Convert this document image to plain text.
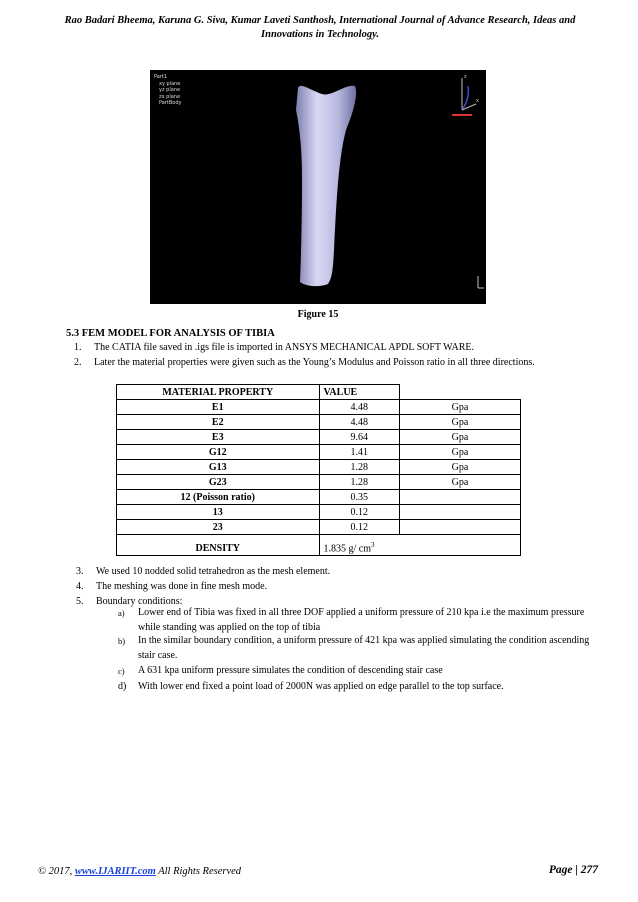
Rao Badari Bheema, Karuna G. Siva, Kumar Laveti Santhosh, International Journal of Advance Research, Ideas and
Innovations in Technology.
Part1
xy plane
yz plane
zx plane
PartBody
z
x
Figure 15
5.3 FEM MODEL FOR ANALYSIS OF TIBIA
1. The CATIA file saved in .igs file is imported in ANSYS MECHANICAL APDL SOFT WARE.
2. Later the material properties were given such as the Young’s Modulus and Poisson ratio in all three directions.
MATERIAL PROPERTY	VALUE	
E1	4.48	Gpa
E2	4.48	Gpa
E3	9.64	Gpa
G12	1.41	Gpa
G13	1.28	Gpa
G23	1.28	Gpa
12 (Poisson ratio)	0.35	
13	0.12	
23	0.12	
DENSITY	1.835 g/ $cm^3$
3. We used 10 nodded solid tetrahedron as the mesh element.
4. The meshing was done in fine mesh mode.
5. Boundary conditions:
a) Lower end of Tibia was fixed in all three DOF applied a uniform pressure of 210 kpa i.e the maximum pressure while standing was applied on the top of tibia
b) In the similar boundary condition, a uniform pressure of 421 kpa was applied simulating the condition ascending stair case.
c) A 631 kpa uniform pressure simulates the condition of descending stair case
d) With lower end fixed a point load of 2000N was applied on edge parallel to the top surface.
© 2017, www.IJARIIT.com All Rights Reserved	Page | 277
